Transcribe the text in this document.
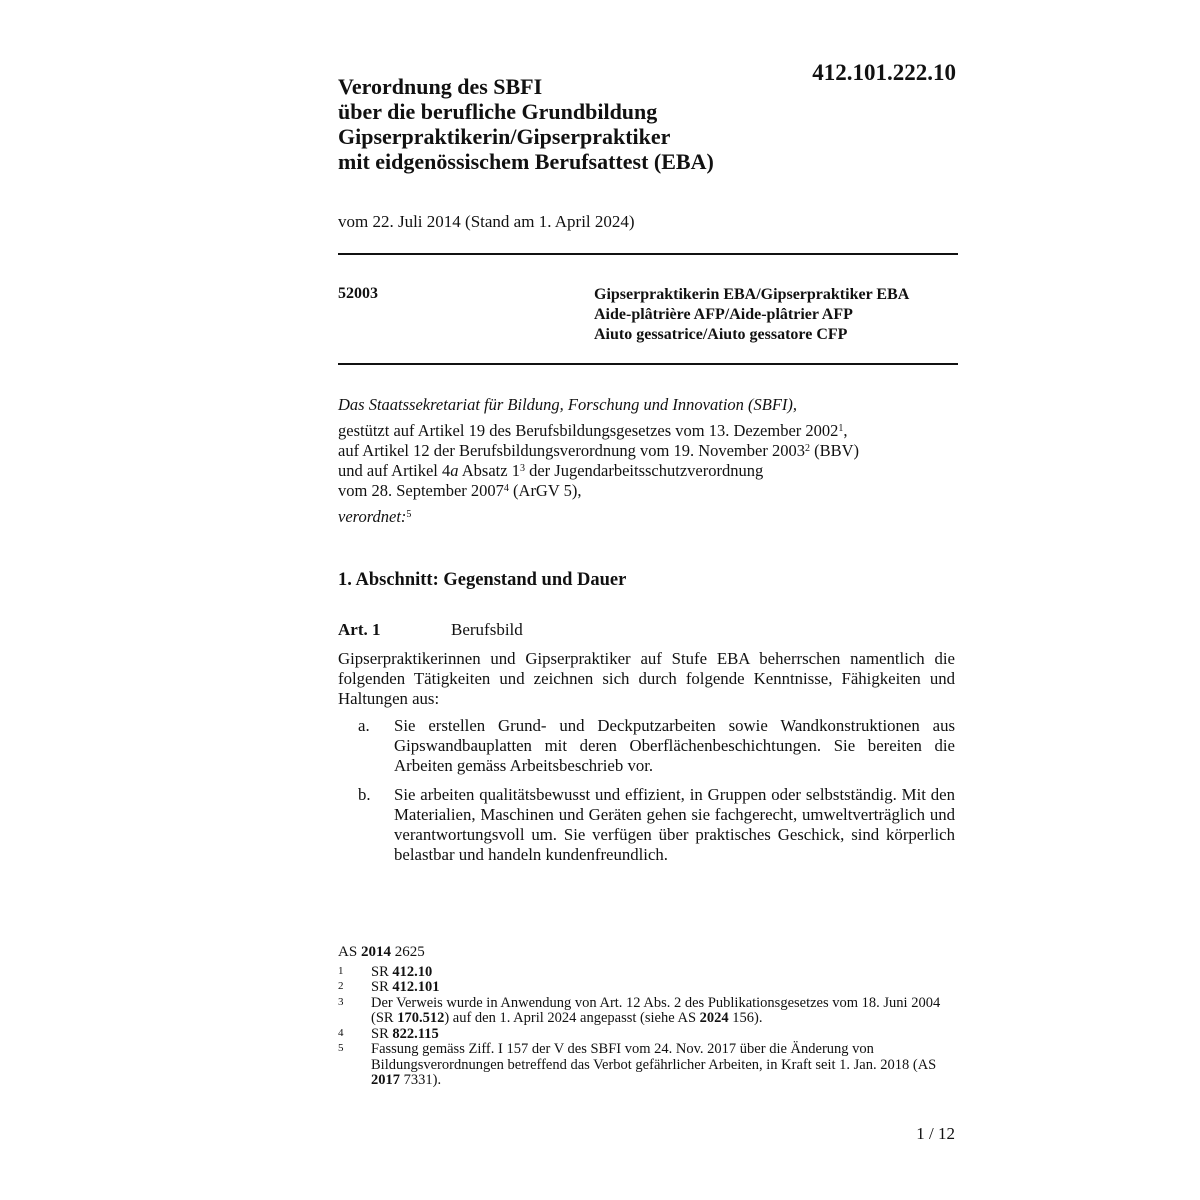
412.101.222.10
Verordnung des SBFI
über die berufliche Grundbildung
Gipserpraktikerin/Gipserpraktiker
mit eidgenössischem Berufsattest (EBA)
vom 22. Juli 2014 (Stand am 1. April 2024)
52003	Gipserpraktikerin EBA/Gipserpraktiker EBA
Aide-plâtrière AFP/Aide-plâtrier AFP
Aiuto gessatrice/Aiuto gessatore CFP

Das Staatssekretariat für Bildung, Forschung und Innovation (SBFI),

gestützt auf Artikel 19 des Berufsbildungsgesetzes vom 13. Dezember 2002$^1$,

auf Artikel 12 der Berufsbildungsverordnung vom 19. November 2003$^2$ (BBV)

und auf Artikel 4a Absatz 1$^3$ der Jugendarbeitsschutzverordnung

vom 28. September 2007$^4$ (ArGV 5),

verordnet:$^5$

1. Abschnitt: Gegenstand und Dauer
Art. 1	Berufsbild
Gipserpraktikerinnen und Gipserpraktiker auf Stufe EBA beherrschen namentlich die folgenden Tätigkeiten und zeichnen sich durch folgende Kenntnisse, Fähigkeiten und Haltungen aus:
a.	Sie erstellen Grund- und Deckputzarbeiten sowie Wandkonstruktionen aus Gipswandbauplatten mit deren Oberflächenbeschichtungen. Sie bereiten die Arbeiten gemäss Arbeitsbeschrieb vor.
b.	Sie arbeiten qualitätsbewusst und effizient, in Gruppen oder selbstständig. Mit den Materialien, Maschinen und Geräten gehen sie fachgerecht, umweltverträglich und verantwortungsvoll um. Sie verfügen über praktisches Geschick, sind körperlich belastbar und handeln kundenfreundlich.
AS 2014 2625
1	SR 412.10
2	SR 412.101
3	Der Verweis wurde in Anwendung von Art. 12 Abs. 2 des Publikationsgesetzes vom 18. Juni 2004 (SR 170.512) auf den 1. April 2024 angepasst (siehe AS 2024 156).
4	SR 822.115
5	Fassung gemäss Ziff. I 157 der V des SBFI vom 24. Nov. 2017 über die Änderung von Bildungsverordnungen betreffend das Verbot gefährlicher Arbeiten, in Kraft seit 1. Jan. 2018 (AS 2017 7331).
1 / 12
